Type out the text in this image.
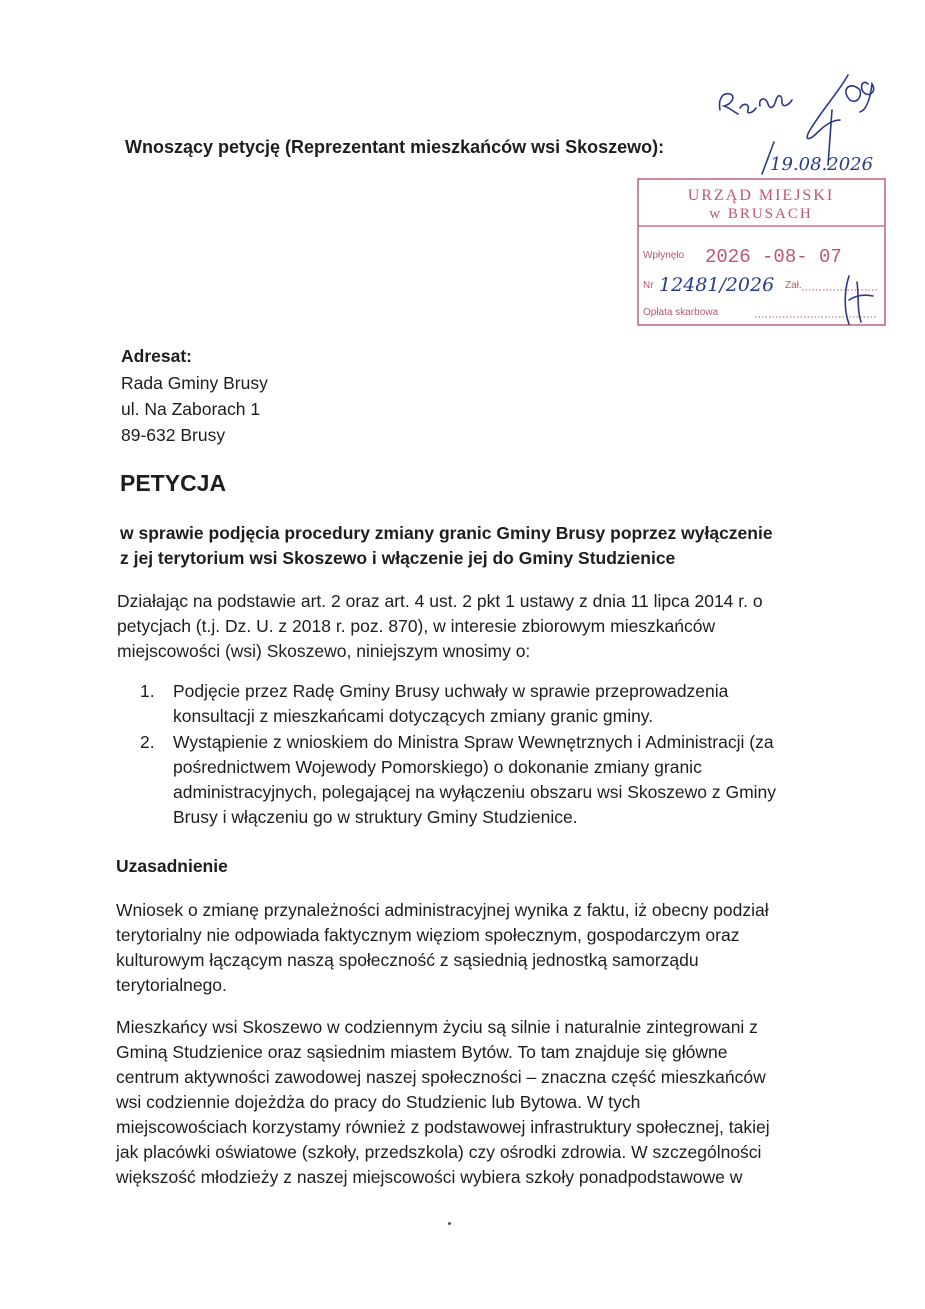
Wnoszący petycję (Reprezentant mieszkańców wsi Skoszewo):

19.08.2026
URZĄD MIEJSKI
w BRUSACH
Wpłynęło 2026 -08- 07
Nr 12481/2026 Zał.
Opłata skarbowa

Adresat:

Rada Gminy Brusy
ul. Na Zaborach 1
89-632 Brusy
PETYCJA
w sprawie podjęcia procedury zmiany granic Gminy Brusy poprzez wyłączenie
z jej terytorium wsi Skoszewo i włączenie jej do Gminy Studzienice
Działając na podstawie art. 2 oraz art. 4 ust. 2 pkt 1 ustawy z dnia 11 lipca 2014 r. o
petycjach (t.j. Dz. U. z 2018 r. poz. 870), w interesie zbiorowym mieszkańców
miejscowości (wsi) Skoszewo, niniejszym wnosimy o:
1. Podjęcie przez Radę Gminy Brusy uchwały w sprawie przeprowadzenia
konsultacji z mieszkańcami dotyczących zmiany granic gminy.
2. Wystąpienie z wnioskiem do Ministra Spraw Wewnętrznych i Administracji (za
pośrednictwem Wojewody Pomorskiego) o dokonanie zmiany granic
administracyjnych, polegającej na wyłączeniu obszaru wsi Skoszewo z Gminy
Brusy i włączeniu go w struktury Gminy Studzienice.

Uzasadnienie

Wniosek o zmianę przynależności administracyjnej wynika z faktu, iż obecny podział
terytorialny nie odpowiada faktycznym więziom społecznym, gospodarczym oraz
kulturowym łączącym naszą społeczność z sąsiednią jednostką samorządu
terytorialnego.
Mieszkańcy wsi Skoszewo w codziennym życiu są silnie i naturalnie zintegrowani z
Gminą Studzienice oraz sąsiednim miastem Bytów. To tam znajduje się główne
centrum aktywności zawodowej naszej społeczności – znaczna część mieszkańców
wsi codziennie dojeżdża do pracy do Studzienic lub Bytowa. W tych
miejscowościach korzystamy również z podstawowej infrastruktury społecznej, takiej
jak placówki oświatowe (szkoły, przedszkola) czy ośrodki zdrowia. W szczególności
większość młodzieży z naszej miejscowości wybiera szkoły ponadpodstawowe w
